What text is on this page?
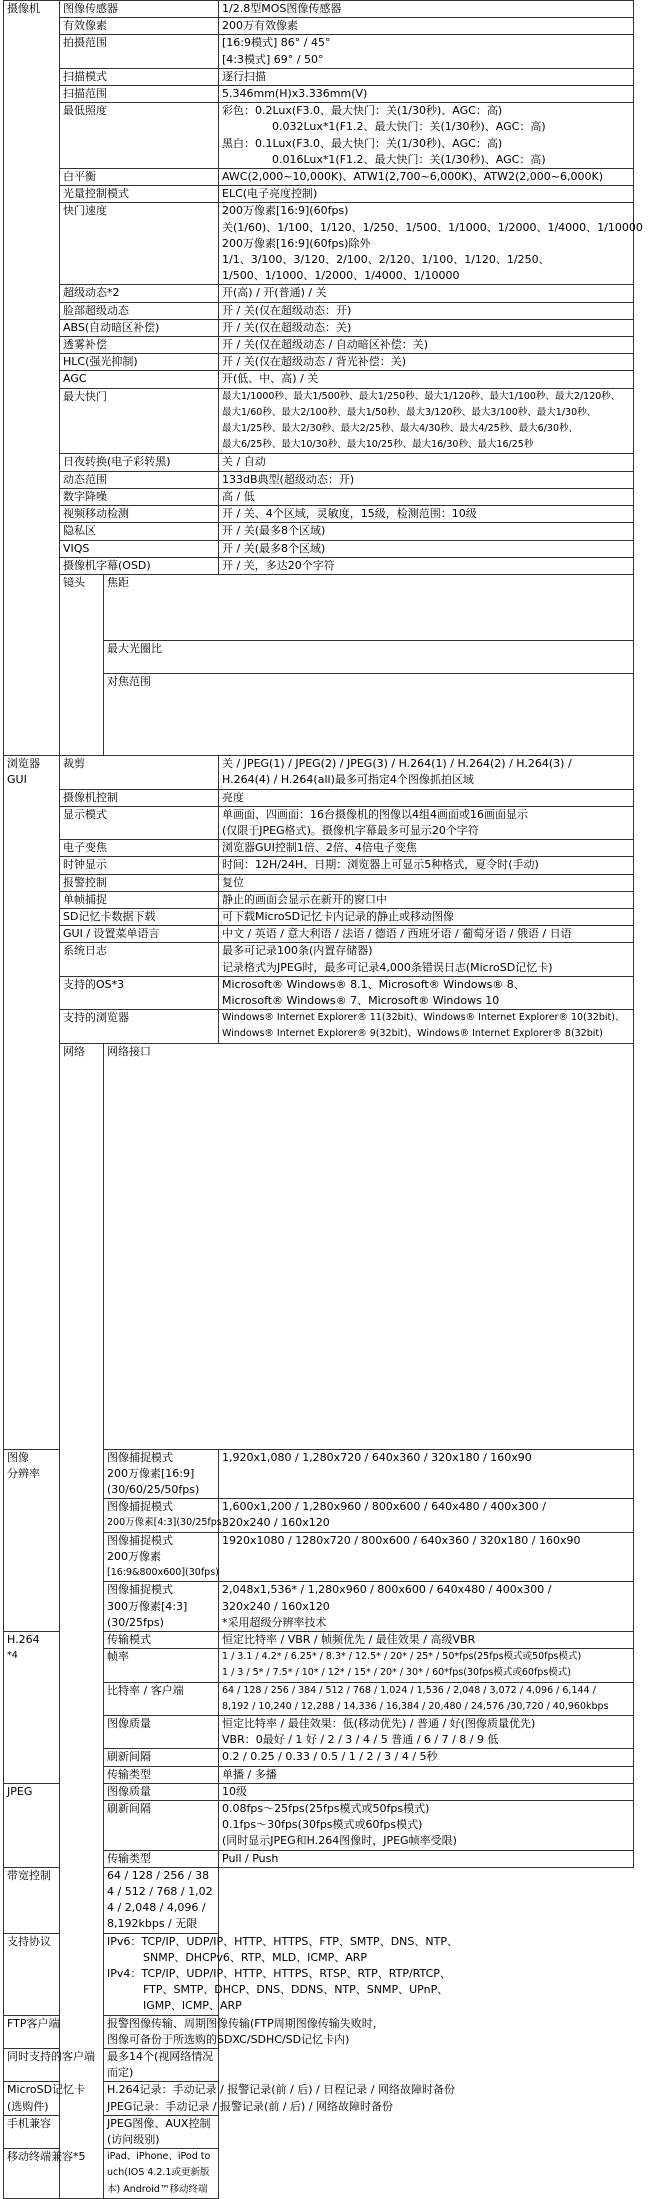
摄像机	图像传感器		1/2.8型MOS图像传感器	
	有效像素		200万有效像素	
	拍摄范围		[16:9模式] 86° / 45°
[4:3模式] 69° / 50°	

	扫描模式		逐行扫描	
	扫描范围		5.346mm(H)x3.336mm(V)	
	最低照度		彩色：0.2Lux(F3.0、最大快门：关(1/30秒)、AGC：高)
0.032Lux*1(F1.2、最大快门：关(1/30秒)、AGC：高)
黑白：0.1Lux(F3.0、最大快门：关(1/30秒)、AGC：高)
0.016Lux*1(F1.2、最大快门：关(1/30秒)、AGC：高)	

	白平衡		AWC(2,000~10,000K)、ATW1(2,700~6,000K)、ATW2(2,000~6,000K)	
	光量控制模式		ELC(电子亮度控制)	
	快门速度		200万像素[16:9](60fps)
关(1/60)、1/100、1/120、1/250、1/500、1/1000、1/2000、1/4000、1/10000
200万像素[16:9](60fps)除外
1/1、3/100、3/120、2/100、2/120、1/100、1/120、1/250、
1/500、1/1000、1/2000、1/4000、1/10000	

	超级动态*2		开(高) / 开(普通) / 关	
	脸部超级动态		开 / 关(仅在超级动态：开)	
	ABS(自动暗区补偿)		开 / 关(仅在超级动态：关)	
	透雾补偿		开 / 关(仅在超级动态 / 自动暗区补偿：关)	
	HLC(强光抑制)		开 / 关(仅在超级动态 / 背光补偿：关)	
	AGC		开(低、中、高) / 关	
	最大快门		最大1/1000秒、最大1/500秒、最大1/250秒、最大1/120秒、最大1/100秒、最大2/120秒、
最大1/60秒、最大2/100秒、最大1/50秒、最大3/120秒、最大3/100秒、最大1/30秒、
最大1/25秒、最大2/30秒、最大2/25秒、最大4/30秒、最大4/25秒、最大6/30秒、
最大6/25秒、最大10/30秒、最大10/25秒、最大16/30秒、最大16/25秒	

	日夜转换(电子彩转黑)		关 / 自动	
	动态范围		133dB典型(超级动态：开)	
	数字降噪		高 / 低	
	视频移动检测		开 / 关、4个区域，灵敏度，15级，检测范围：10级	
	隐私区		开 / 关(最多8个区域)	
	VIQS		开 / 关(最多8个区域)	
	摄像机字幕(OSD)		开 / 关，多达20个字符	
	镜头	焦距	
		最大光圈比	
		对焦范围	

浏览器
GUI	裁剪		关 / JPEG(1) / JPEG(2) / JPEG(3) / H.264(1) / H.264(2) / H.264(3) /
H.264(4) / H.264(all)最多可指定4个图像抓拍区域	

	摄像机控制		亮度	
	显示模式		单画面、四画面：16台摄像机的图像以4组4画面或16画面显示
(仅限于JPEG格式)。摄像机字幕最多可显示20个字符	

	电子变焦		浏览器GUI控制1倍、2倍、4倍电子变焦	
	时钟显示		时间：12H/24H、日期：浏览器上可显示5种格式，夏令时(手动)	
	报警控制		复位	
	单帧捕捉		静止的画面会显示在新开的窗口中	
	SD记忆卡数据下载		可下载MicroSD记忆卡内记录的静止或移动图像	
	GUI / 设置菜单语言		中文 / 英语 / 意大利语 / 法语 / 德语 / 西班牙语 / 葡萄牙语 / 俄语 / 日语	
	系统日志		最多可记录100条(内置存储器)
记录格式为JPEG时，最多可记录4,000条错误日志(MicroSD记忆卡)	

	支持的OS*3		Microsoft® Windows® 8.1、Microsoft® Windows® 8、
Microsoft® Windows® 7、Microsoft® Windows 10	

	支持的浏览器		Windows® Internet Explorer® 11(32bit)、Windows® Internet Explorer® 10(32bit)、
Windows® Internet Explorer® 9(32bit)、Windows® Internet Explorer® 8(32bit)	

	网络	网络接口	

图像
分辨率		图像捕捉模式
200万像素[16:9]
(30/60/25/50fps)	1,920x1,080 / 1,280x720 / 640x360 / 320x180 / 160x90	

		图像捕捉模式
200万像素[4:3](30/25fps)	1,600x1,200 / 1,280x960 / 800x600 / 640x480 / 400x300 /
320x240 / 160x120	

		图像捕捉模式
200万像素
[16:9&800x600](30fps)	1920x1080 / 1280x720 / 800x600 / 640x360 / 320x180 / 160x90	

		图像捕捉模式
300万像素[4:3]
(30/25fps)	2,048x1,536* / 1,280x960 / 800x600 / 640x480 / 400x300 /
320x240 / 160x120
*采用超级分辨率技术	

H.264
*4		传输模式	恒定比特率 / VBR / 帧频优先 / 最佳效果 / 高级VBR	
		帧率	1 / 3.1 / 4.2* / 6.25* / 8.3* / 12.5* / 20* / 25* / 50*fps(25fps模式或50fps模式)
1 / 3 / 5* / 7.5* / 10* / 12* / 15* / 20* / 30* / 60*fps(30fps模式或60fps模式)	

		比特率 / 客户端	64 / 128 / 256 / 384 / 512 / 768 / 1,024 / 1,536 / 2,048 / 3,072 / 4,096 / 6,144 /
8,192 / 10,240 / 12,288 / 14,336 / 16,384 / 20,480 / 24,576 /30,720 / 40,960kbps	

		图像质量	恒定比特率 / 最佳效果：低(移动优先) / 普通 / 好(图像质量优先)
VBR：0最好 / 1 好 / 2 / 3 / 4 / 5 普通 / 6 / 7 / 8 / 9 低	

		刷新间隔	0.2 / 0.25 / 0.33 / 0.5 / 1 / 2 / 3 / 4 / 5秒	
		传输类型	单播 / 多播	
JPEG		图像质量	10级	
		刷新间隔	0.08fps～25fps(25fps模式或50fps模式)
0.1fps～30fps(30fps模式或60fps模式)
(同时显示JPEG和H.264图像时，JPEG帧率受限)	

		传输类型	Pull / Push	
带宽控制		64 / 128 / 256 / 384 / 512 / 768 / 1,024 / 2,048 / 4,096 / 8,192kbps / 无限		
支持协议		IPv6：TCP/IP、UDP/IP、HTTP、HTTPS、FTP、SMTP、DNS、NTP、
SNMP、DHCPv6、RTP、MLD、ICMP、ARP
IPv4：TCP/IP、UDP/IP、HTTP、HTTPS、RTSP、RTP、RTP/RTCP、
FTP、SMTP、DHCP、DNS、DDNS、NTP、SNMP、UPnP、
IGMP、ICMP、ARP		

FTP客户端		报警图像传输、周期图像传输(FTP周期图像传输失败时，
图像可备份于所选购的SDXC/SDHC/SD记忆卡内)		

同时支持的客户端		最多14个(视网络情况而定)		
MicroSD记忆卡(选购件)		H.264记录：手动记录 / 报警记录(前 / 后) / 日程记录 / 网络故障时备份
JPEG记录：手动记录 / 报警记录(前 / 后) / 网络故障时备份		

手机兼容		JPEG图像、AUX控制(访问级别)		
移动终端兼容*5		iPad、iPhone、iPod touch(IOS 4.2.1或更新版本) Android™移动终端		
